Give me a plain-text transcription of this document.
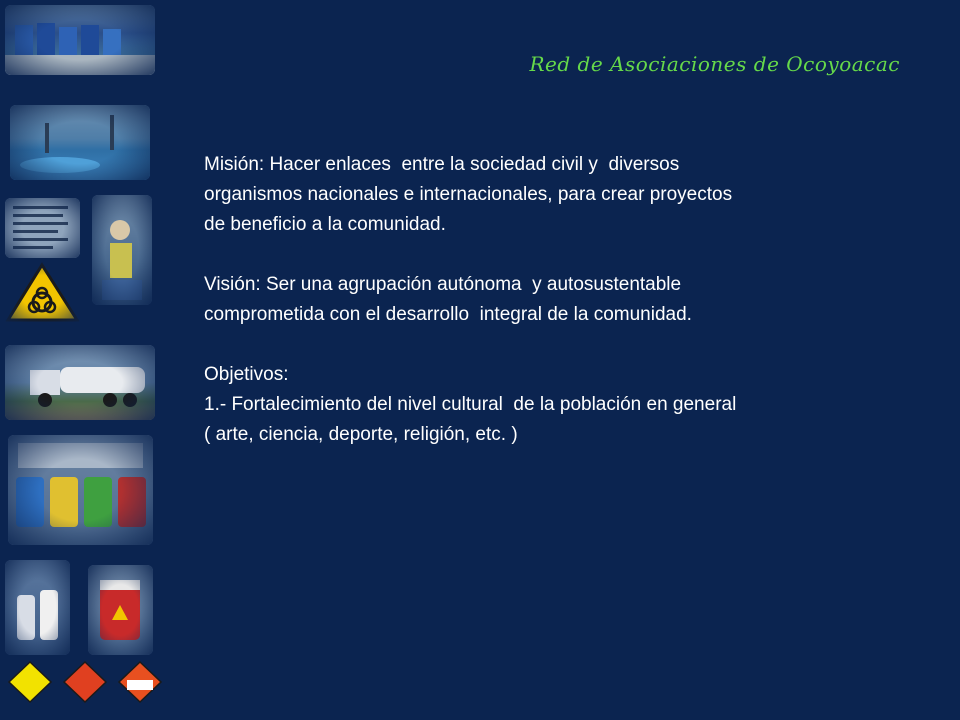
Red de Asociaciones de Ocoyoacac

Misión: Hacer enlaces  entre la sociedad civil y  diversos

organismos nacionales e internacionales, para crear proyectos

de beneficio a la comunidad.

Visión: Ser una agrupación autónoma  y autosustentable

comprometida con el desarrollo  integral de la comunidad.

Objetivos:

1.- Fortalecimiento del nivel cultural  de la población en general

( arte, ciencia, deporte, religión, etc. )
